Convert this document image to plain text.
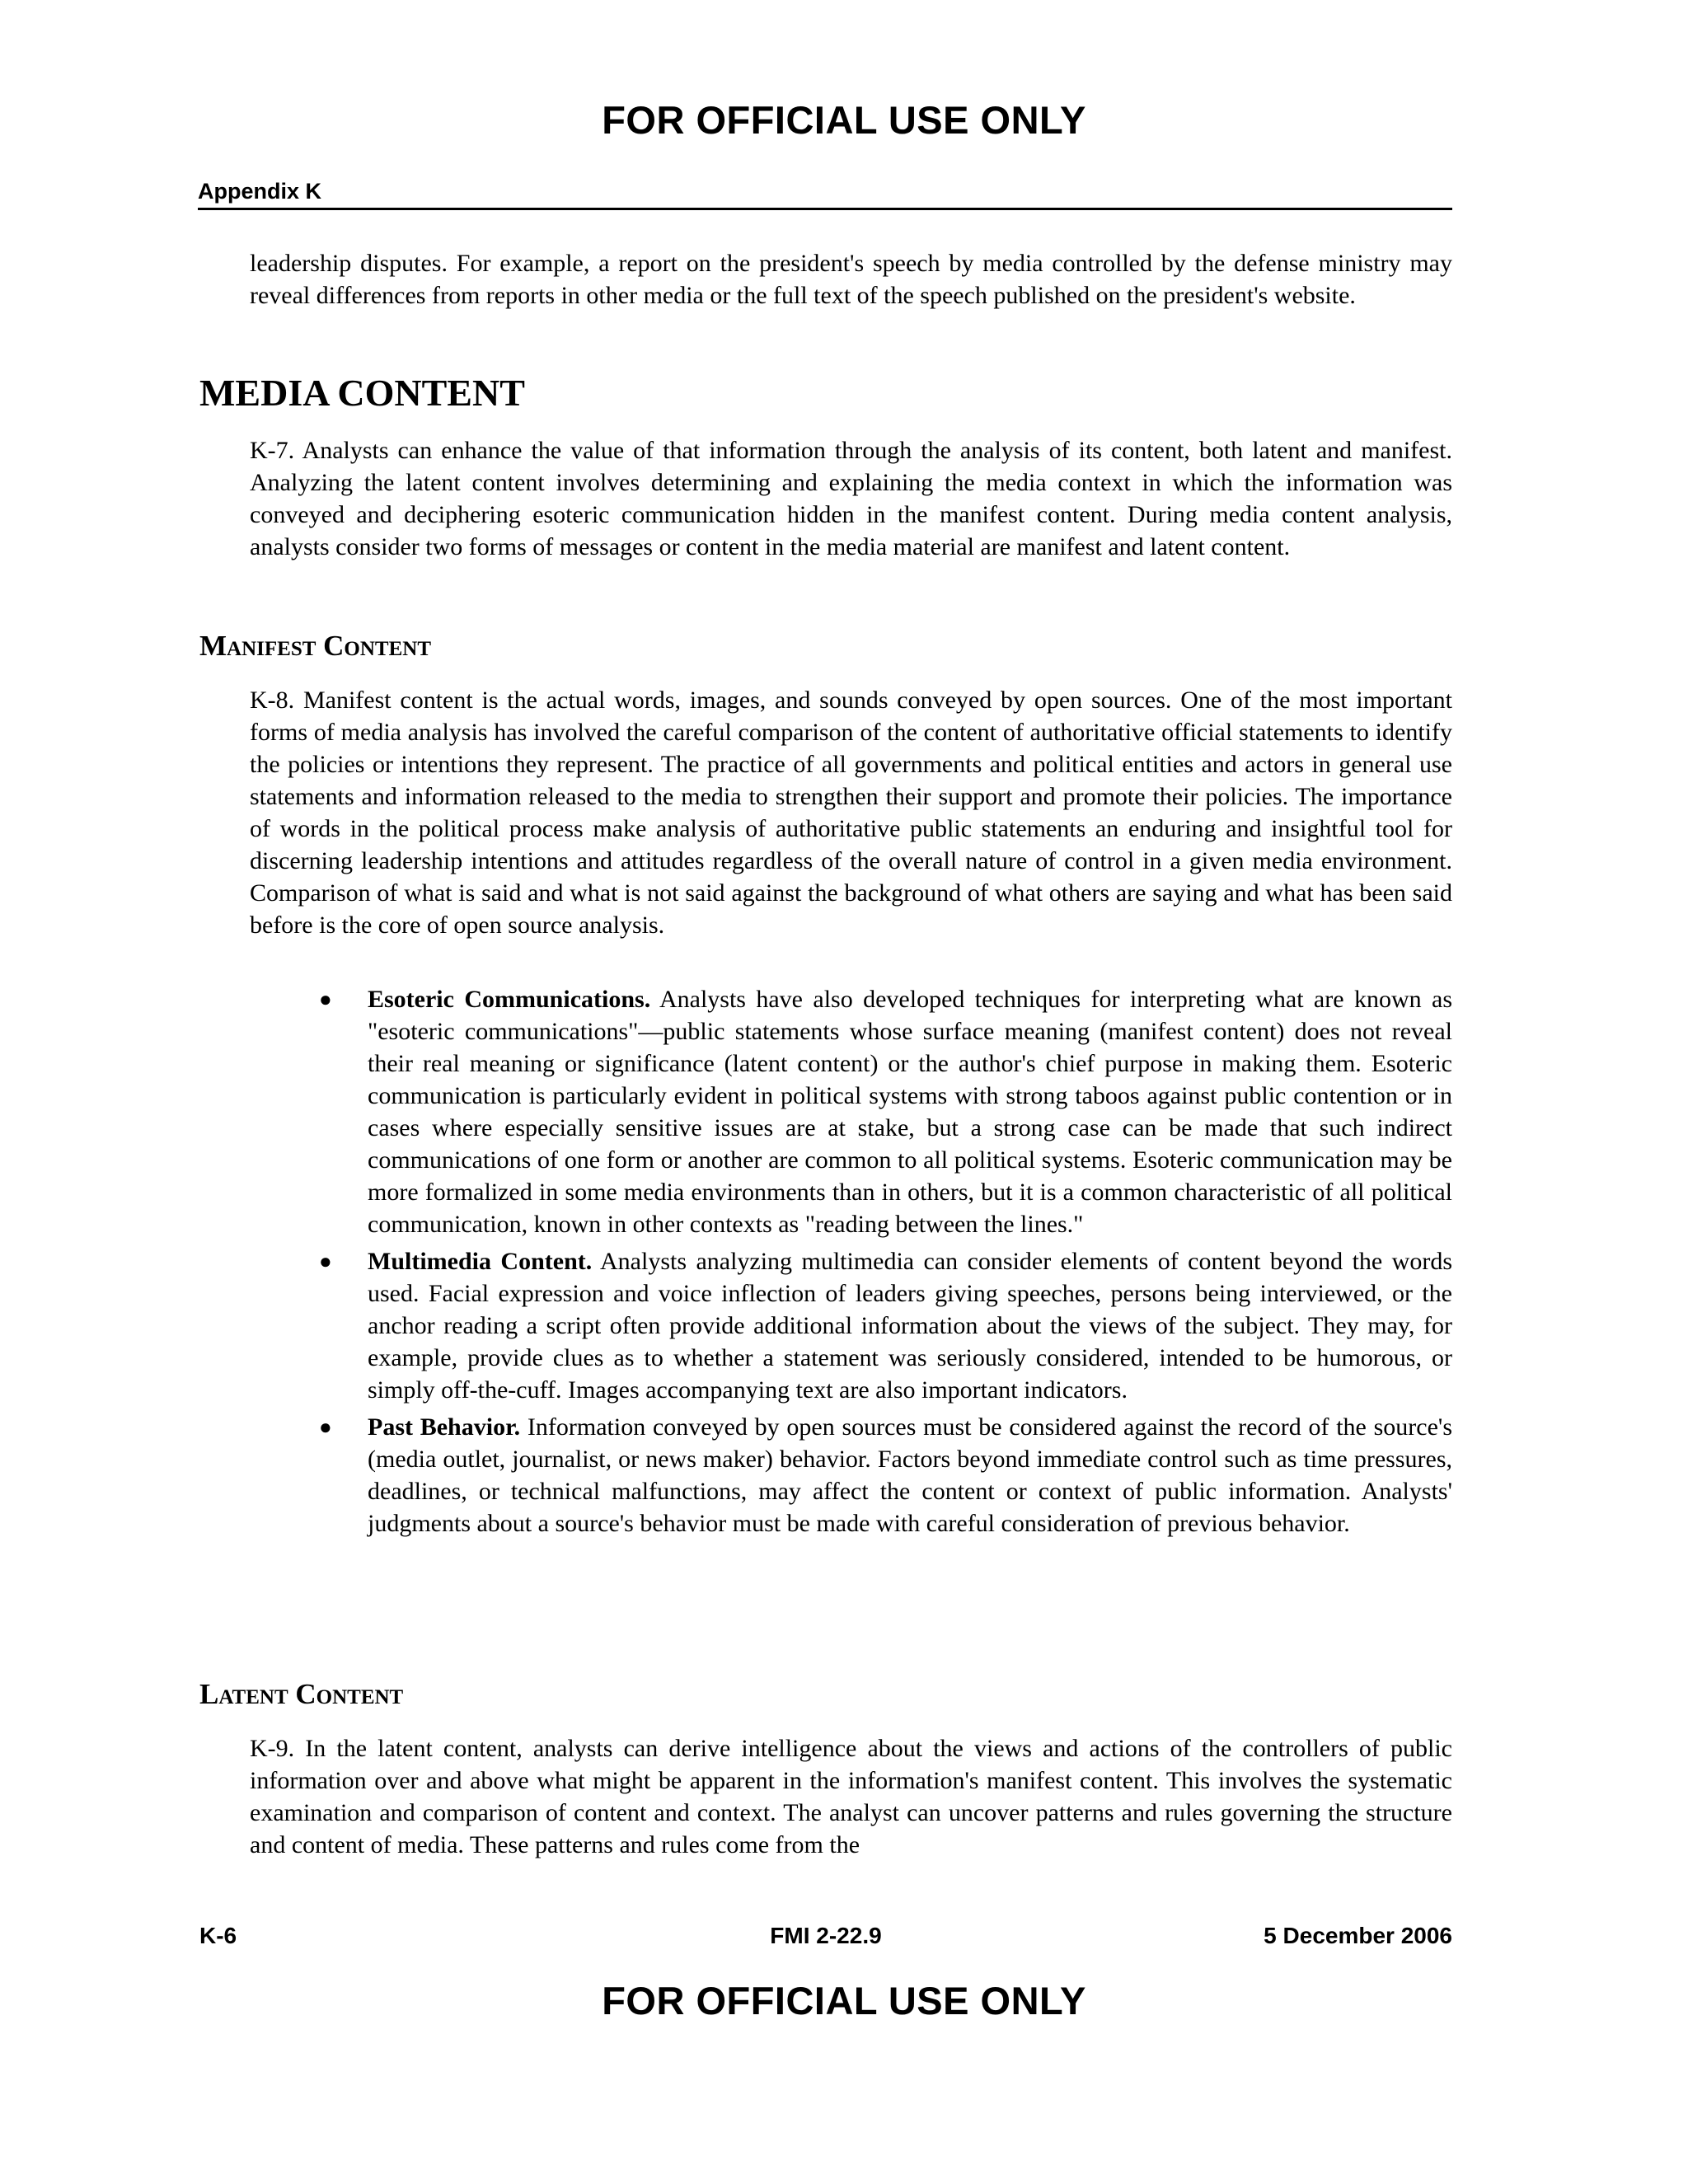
FOR OFFICIAL USE ONLY
Appendix K

leadership disputes. For example, a report on the president's speech by media controlled by the defense ministry may reveal differences from reports in other media or the full text of the speech published on the president's website.

MEDIA CONTENT

K-7. Analysts can enhance the value of that information through the analysis of its content, both latent and manifest. Analyzing the latent content involves determining and explaining the media context in which the information was conveyed and deciphering esoteric communication hidden in the manifest content. During media content analysis, analysts consider two forms of messages or content in the media material are manifest and latent content.

Manifest Content

K-8. Manifest content is the actual words, images, and sounds conveyed by open sources. One of the most important forms of media analysis has involved the careful comparison of the content of authoritative official statements to identify the policies or intentions they represent. The practice of all governments and political entities and actors in general use statements and information released to the media to strengthen their support and promote their policies. The importance of words in the political process make analysis of authoritative public statements an enduring and insightful tool for discerning leadership intentions and attitudes regardless of the overall nature of control in a given media environment. Comparison of what is said and what is not said against the background of what others are saying and what has been said before is the core of open source analysis.

● Esoteric Communications. Analysts have also developed techniques for interpreting what are known as "esoteric communications"—public statements whose surface meaning (manifest content) does not reveal their real meaning or significance (latent content) or the author's chief purpose in making them. Esoteric communication is particularly evident in political systems with strong taboos against public contention or in cases where especially sensitive issues are at stake, but a strong case can be made that such indirect communications of one form or another are common to all political systems. Esoteric communication may be more formalized in some media environments than in others, but it is a common characteristic of all political communication, known in other contexts as "reading between the lines."
● Multimedia Content. Analysts analyzing multimedia can consider elements of content beyond the words used. Facial expression and voice inflection of leaders giving speeches, persons being interviewed, or the anchor reading a script often provide additional information about the views of the subject. They may, for example, provide clues as to whether a statement was seriously considered, intended to be humorous, or simply off-the-cuff. Images accompanying text are also important indicators.
● Past Behavior. Information conveyed by open sources must be considered against the record of the source's (media outlet, journalist, or news maker) behavior. Factors beyond immediate control such as time pressures, deadlines, or technical malfunctions, may affect the content or context of public information. Analysts' judgments about a source's behavior must be made with careful consideration of previous behavior.
Latent Content

K-9. In the latent content, analysts can derive intelligence about the views and actions of the controllers of public information over and above what might be apparent in the information's manifest content. This involves the systematic examination and comparison of content and context. The analyst can uncover patterns and rules governing the structure and content of media. These patterns and rules come from the

K-6	FMI 2-22.9	5 December 2006
FOR OFFICIAL USE ONLY
